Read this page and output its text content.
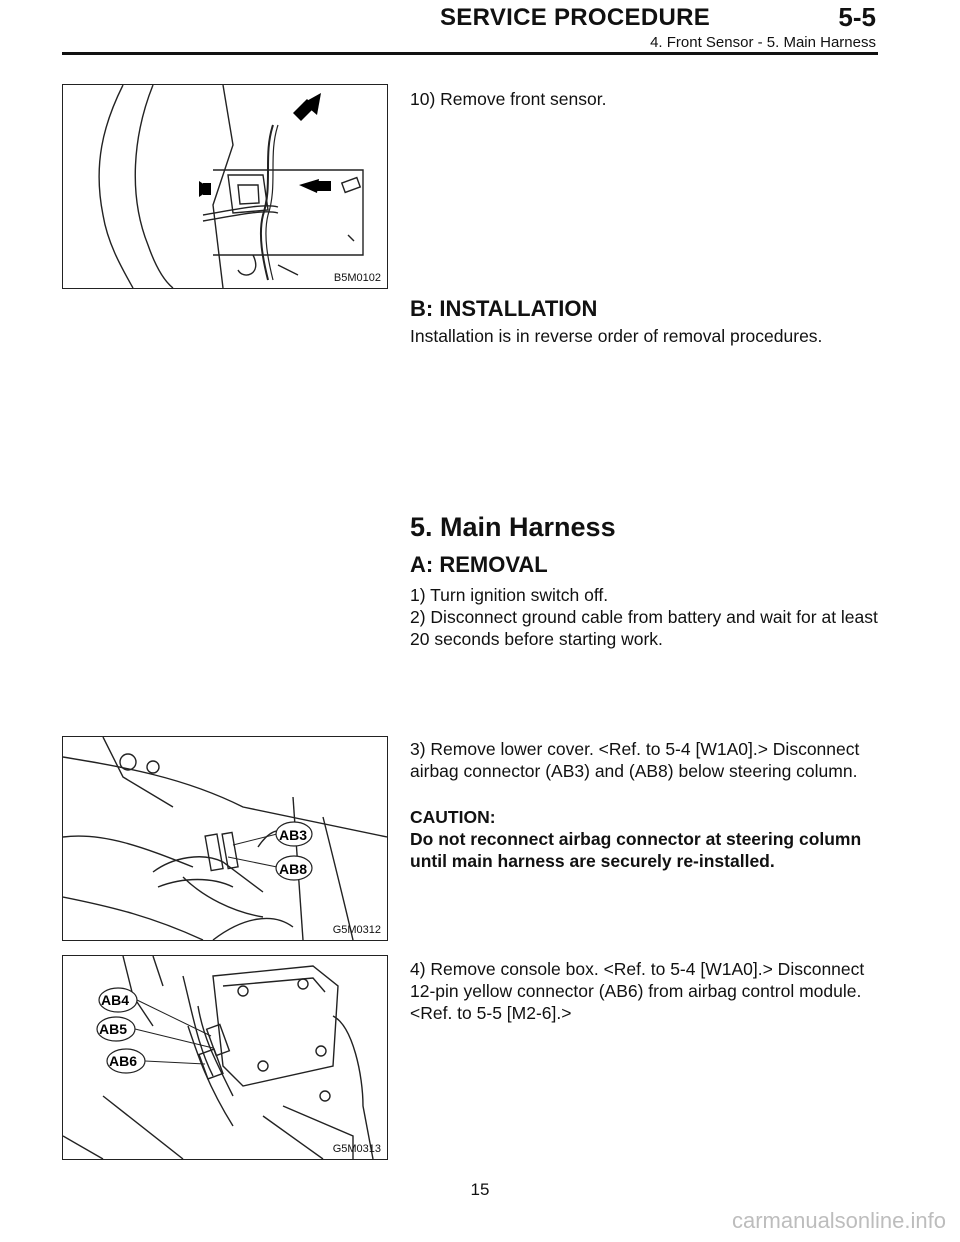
SERVICE PROCEDURE	5-5
4. Front Sensor - 5. Main Harness
B5M0102
10) Remove front sensor.
B: INSTALLATION
Installation is in reverse order of removal procedures.
5. Main Harness
A: REMOVAL
1) Turn ignition switch off.
2) Disconnect ground cable from battery and wait for at least 20 seconds before starting work.
AB3
AB8
G5M0312
3) Remove lower cover. <Ref. to 5-4 [W1A0].> Disconnect airbag connector (AB3) and (AB8) below steering column.
CAUTION:
Do not reconnect airbag connector at steering column until main harness are securely re-installed.
AB4
AB5
AB6
G5M0313
4) Remove console box. <Ref. to 5-4 [W1A0].> Disconnect 12-pin yellow connector (AB6) from airbag control module. <Ref. to 5-5 [M2-6].>
15
carmanualsonline.info
